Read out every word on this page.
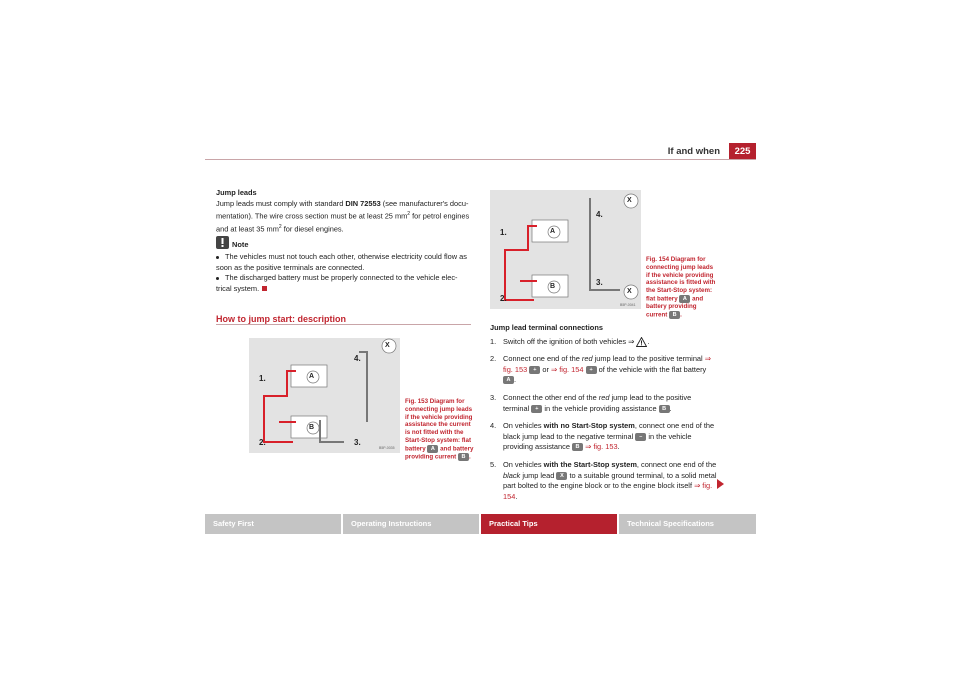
If and when	225
Jump leads
Jump leads must comply with standard DIN 72553 (see manufacturer's docu-mentation). The wire cross section must be at least 25 $mm^2$ for petrol engines and at least 35 $mm^2$ for diesel engines.
Note
The vehicles must not touch each other, otherwise electricity could flow as soon as the positive terminals are connected.
The discharged battery must be properly connected to the vehicle elec-trical system.
How to jump start: description
1.
2.	3.
4.
A
B
X
B5P-0035
Fig. 153 Diagram for connecting jump leads if the vehicle providing assistance the current is not fitted with the Start-Stop system: flat battery A and battery providing current B .
1.
2.
3.
4.
A
B
X
X
B5P-0041
Fig. 154 Diagram for connecting jump leads if the vehicle providing assistance is fitted with the Start-Stop system: flat battery A and battery providing current B .
Jump lead terminal connections
1. Switch off the ignition of both vehicles ⇒ .
2. Connect one end of the red jump lead to the positive terminal ⇒ fig. 153 + or ⇒ fig. 154 + of the vehicle with the flat battery A .
3. Connect the other end of the red jump lead to the positive terminal + in the vehicle providing assistance B .
4. On vehicles with no Start-Stop system, connect one end of the black jump lead to the negative terminal – in the vehicle providing assistance B ⇒ fig. 153.
5. On vehicles with the Start-Stop system, connect one end of the black jump lead X to a suitable ground terminal, to a solid metal part bolted to the engine block or to the engine block itself ⇒ fig. 154.
Safety First	Operating Instructions	Practical Tips	Technical Specifications
